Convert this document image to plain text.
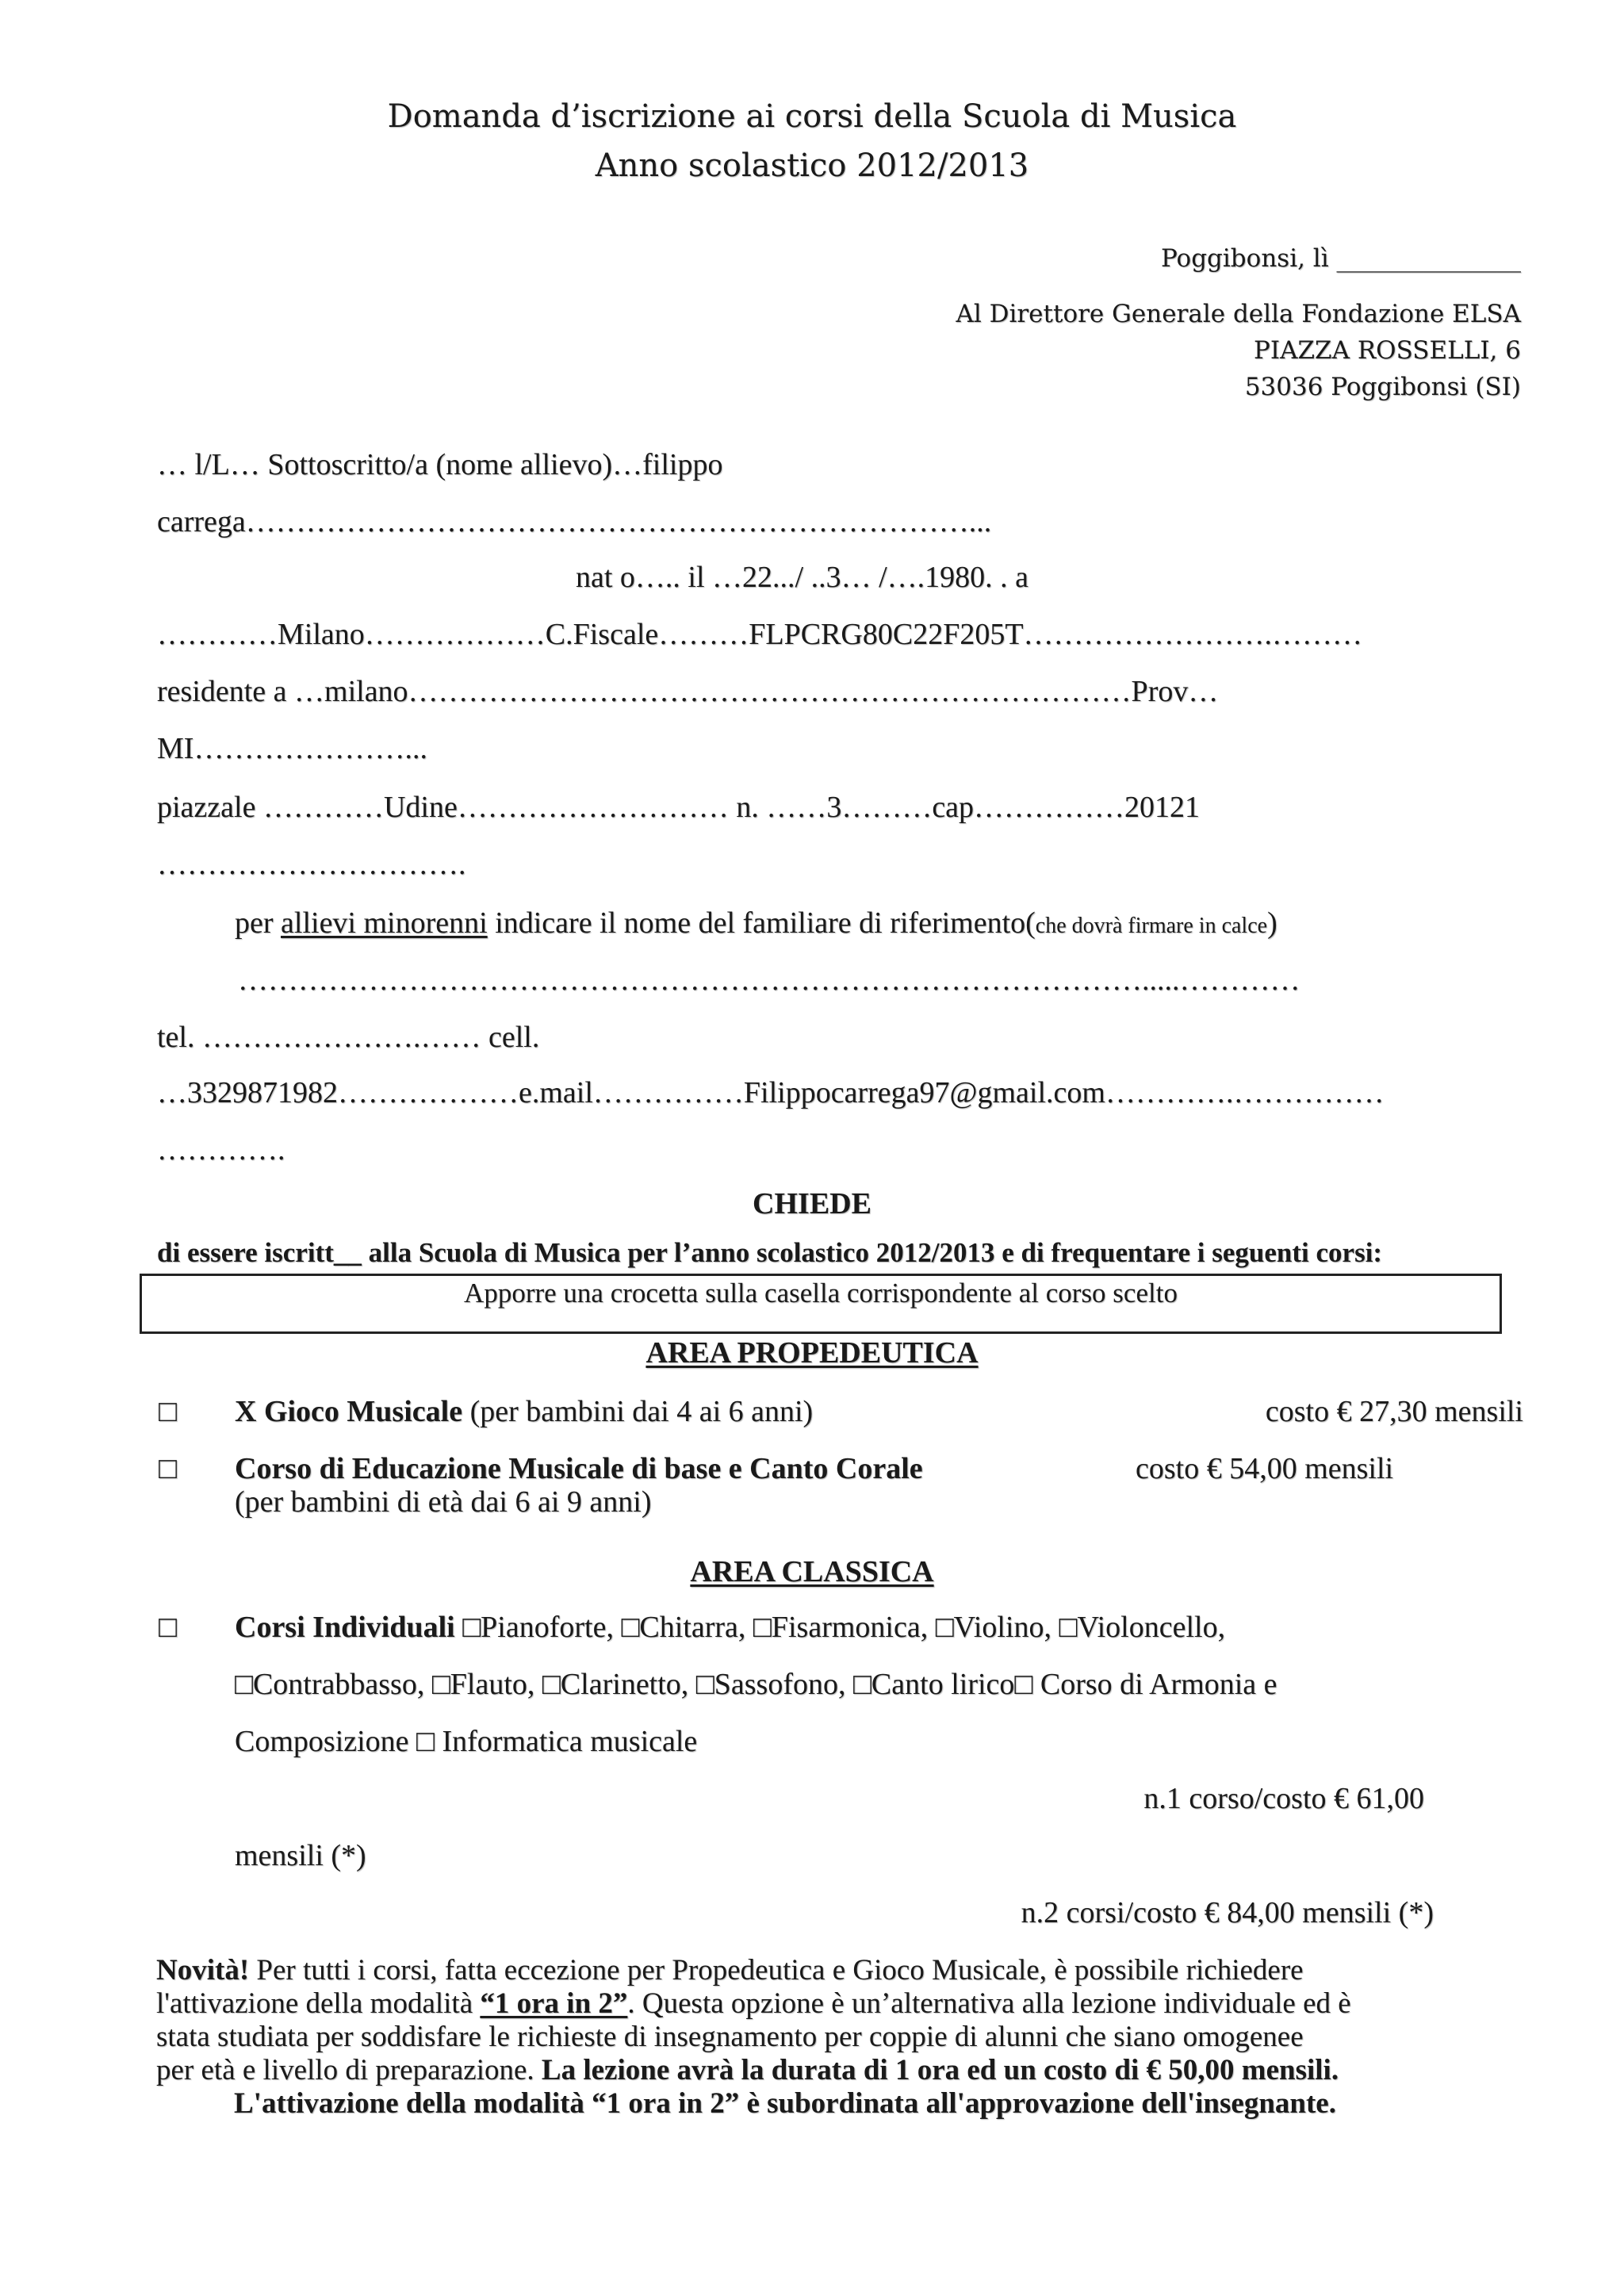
Domanda d’iscrizione ai corsi della Scuola di Musica
Anno scolastico 2012/2013
Poggibonsi, lì _______________
Al Direttore Generale della Fondazione ELSA
PIAZZA ROSSELLI, 6
53036 Poggibonsi (SI)
… l/L… Sottoscritto/a (nome allievo)…filippo
carrega………………………………………………………………...
nat o….. il …22.../ ..3… /….1980. . a
…………Milano………………C.Fiscale………FLPCRG80C22F205T…………………….………
residente a …milano………………………………………………………………Prov…
MI…………………...
piazzale …………Udine……………………… n. ……3………cap……………20121
………………………….
per allievi minorenni indicare il nome del familiare di riferimento(che dovrà firmare in calce)
……………………………………………………………………………….....…………
tel. ………………….…… cell.
…3329871982………………e.mail……………Filippocarrega97@gmail.com………….……………
………….
CHIEDE
di essere iscritt__ alla Scuola di Musica per l’anno scolastico 2012/2013 e di frequentare i seguenti corsi:
Apporre una crocetta sulla casella corrispondente al corso scelto
AREA PROPEDEUTICA
□ X Gioco Musicale (per bambini dai 4 ai 6 anni)	costo € 27,30 mensili
□ Corso di Educazione Musicale di base e Canto Corale	costo € 54,00 mensili
(per bambini di età dai 6 ai 9 anni)
AREA CLASSICA
□ Corsi Individuali □Pianoforte, □Chitarra, □Fisarmonica, □Violino, □Violoncello,
□Contrabbasso, □Flauto, □Clarinetto, □Sassofono, □Canto lirico□ Corso di Armonia e
Composizione □ Informatica musicale
n.1 corso/costo € 61,00
mensili (*)
n.2 corsi/costo € 84,00 mensili (*)

Novità! Per tutti i corsi, fatta eccezione per Propedeutica e Gioco Musicale, è possibile richiedere

l'attivazione della modalità “1 ora in 2”. Questa opzione è un’alternativa alla lezione individuale ed è

stata studiata per soddisfare le richieste di insegnamento per coppie di alunni che siano omogenee

per età e livello di preparazione. La lezione avrà la durata di 1 ora ed un costo di € 50,00 mensili.

L'attivazione della modalità “1 ora in 2” è subordinata all'approvazione dell'insegnante.
